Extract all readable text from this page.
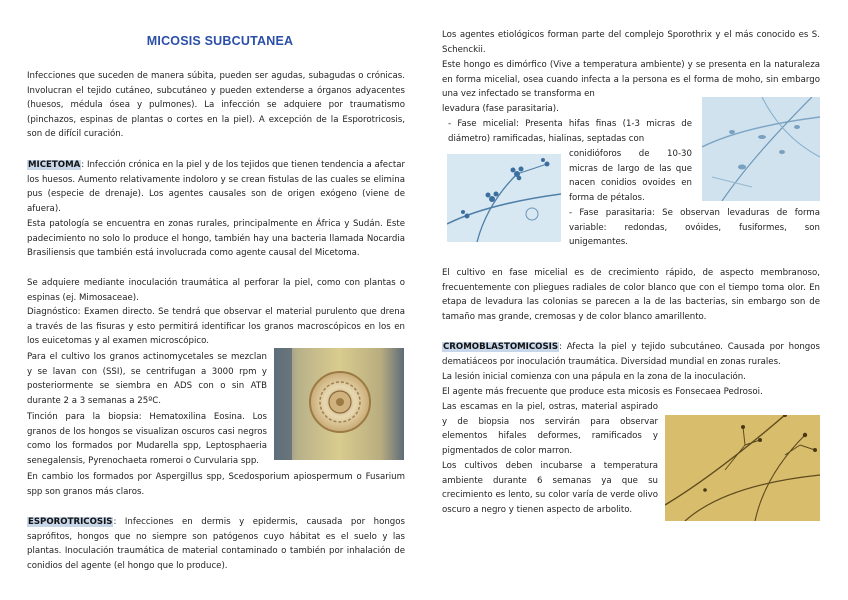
MICOSIS SUBCUTANEA

Infecciones que suceden de manera súbita, pueden ser agudas, subagudas o crónicas. Involucran el tejido cutáneo, subcutáneo y pueden extenderse a órganos adyacentes (huesos, médula ósea y pulmones). La infección se adquiere por traumatismo (pinchazos, espinas de plantas o cortes en la piel). A excepción de la Esporotricosis, son de difícil curación.

MICETOMA: Infección crónica en la piel y de los tejidos que tienen tendencia a afectar los huesos. Aumento relativamente indoloro y se crean fistulas de las cuales se elimina pus (especie de drenaje). Los agentes causales son de origen exógeno (viene de afuera).

Esta patología se encuentra en zonas rurales, principalmente en África y Sudán. Este padecimiento no solo lo produce el hongo, también hay una bacteria llamada Nocardia Brasiliensis que también está involucrada como agente causal del Micetoma.

Se adquiere mediante inoculación traumática al perforar la piel, como con plantas o espinas (ej. Mimosaceae).

Diagnóstico: Examen directo. Se tendrá que observar el material purulento que drena a través de las fisuras y esto permitirá identificar los granos macroscópicos en los en los euicetomas y al examen microscópico.

Para el cultivo los granos actinomycetales se mezclan y se lavan con (SSI), se centrifugan a 3000 rpm y posteriormente se siembra en ADS con o sin ATB durante 2 a 3 semanas a 25ºC.

Tinción para la biopsia: Hematoxilina Eosina. Los granos de los hongos se visualizan oscuros casi negros como los formados por Mudarella spp, Leptosphaeria senegalensis, Pyrenochaeta romeroi o Curvularia spp.

En cambio los formados por Aspergillus spp, Scedosporium apiospermum o Fusarium spp son granos más claros.

ESPOROTRICOSIS: Infecciones en dermis y epidermis, causada por hongos saprófitos, hongos que no siempre son patógenos cuyo hábitat es el suelo y las plantas. Inoculación traumática de material contaminado o también por inhalación de conidios del agente (el hongo que lo produce).

Los agentes etiológicos forman parte del complejo Sporothrix y el más conocido es S. Schenckii.

Este hongo es dimórfico (Vive a temperatura ambiente) y se presenta en la naturaleza en forma micelial, osea cuando infecta a la persona es el forma de moho, sin embargo una vez infectado se transforma en

levadura (fase parasitaria).

- Fase micelial: Presenta hifas finas (1-3 micras de diámetro) ramificadas, hialinas, septadas con

conidióforos de 10-30 micras de largo de las que nacen conidios ovoides en forma de pétalos.

- Fase parasitaria: Se observan levaduras de forma variable: redondas, ovóides, fusiformes, son unigemantes.

El cultivo en fase micelial es de crecimiento rápido, de aspecto membranoso, frecuentemente con pliegues radiales de color blanco que con el tiempo toma olor. En etapa de levadura las colonias se parecen a la de las bacterias, sin embargo son de tamaño mas grande, cremosas y de color blanco amarillento.

CROMOBLASTOMICOSIS: Afecta la piel y tejido subcutáneo. Causada por hongos dematiáceos por inoculación traumática. Diversidad mundial en zonas rurales.

La lesión inicial comienza con una pápula en la zona de la inoculación.

El agente más frecuente que produce esta micosis es Fonsecaea Pedrosoi.

Las escamas en la piel, ostras, material aspirado y de biopsia nos servirán para observar elementos hifales deformes, ramificados y pigmentados de color marron.

Los cultivos deben incubarse a temperatura ambiente durante 6 semanas ya que su crecimiento es lento, su color varía de verde olivo oscuro a negro y tienen aspecto de arbolito.
